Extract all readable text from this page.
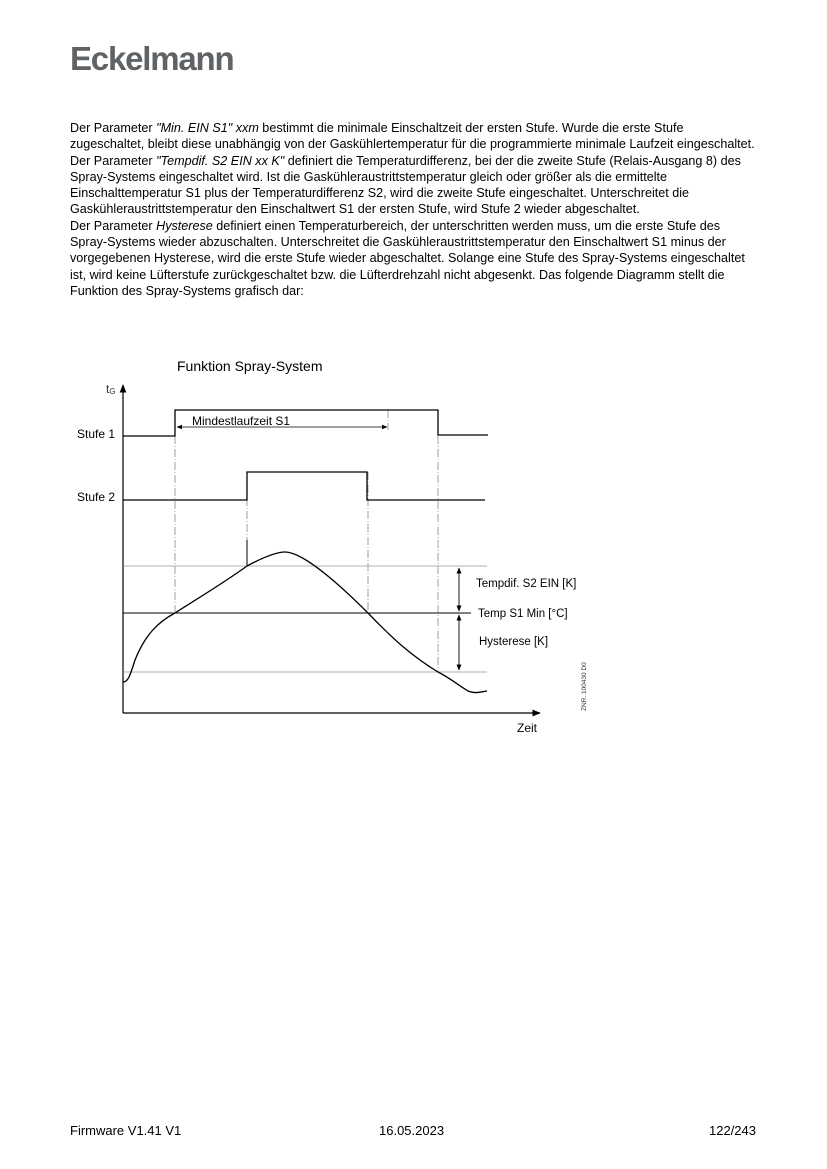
Eckelmann

Der Parameter "Min. EIN S1" xxm bestimmt die minimale Einschaltzeit der ersten Stufe. Wurde die erste Stufe zugeschaltet, bleibt diese unabhängig von der Gaskühlertemperatur für die programmierte minimale Laufzeit eingeschaltet.

Der Parameter "Tempdif. S2 EIN xx K" definiert die Temperaturdifferenz, bei der die zweite Stufe (Relais-Ausgang 8) des Spray-Systems eingeschaltet wird. Ist die Gaskühleraustrittstemperatur gleich oder größer als die ermittelte Einschalttemperatur S1 plus der Temperaturdifferenz S2, wird die zweite Stufe eingeschaltet. Unterschreitet die Gaskühleraustrittstemperatur den Einschaltwert S1 der ersten Stufe, wird Stufe 2 wieder abgeschaltet.

Der Parameter Hysterese definiert einen Temperaturbereich, der unterschritten werden muss, um die erste Stufe des Spray-Systems wieder abzuschalten. Unterschreitet die Gaskühleraustrittstemperatur den Einschaltwert S1 minus der vorgegebenen Hysterese, wird die erste Stufe wieder abgeschaltet. Solange eine Stufe des Spray-Systems eingeschaltet ist, wird keine Lüfterstufe zurückgeschaltet bzw. die Lüfterdrehzahl nicht abgesenkt. Das folgende Diagramm stellt die Funktion des Spray-Systems grafisch dar:

Funktion Spray-System
tG
Zeit
Stufe 1
Stufe 2
Mindestlaufzeit S1
Tempdif. S2 EIN [K]
Temp S1 Min [°C]
Hysterese [K]
ZNR. 100430 D0
Firmware V1.41 V1	16.05.2023	122/243
